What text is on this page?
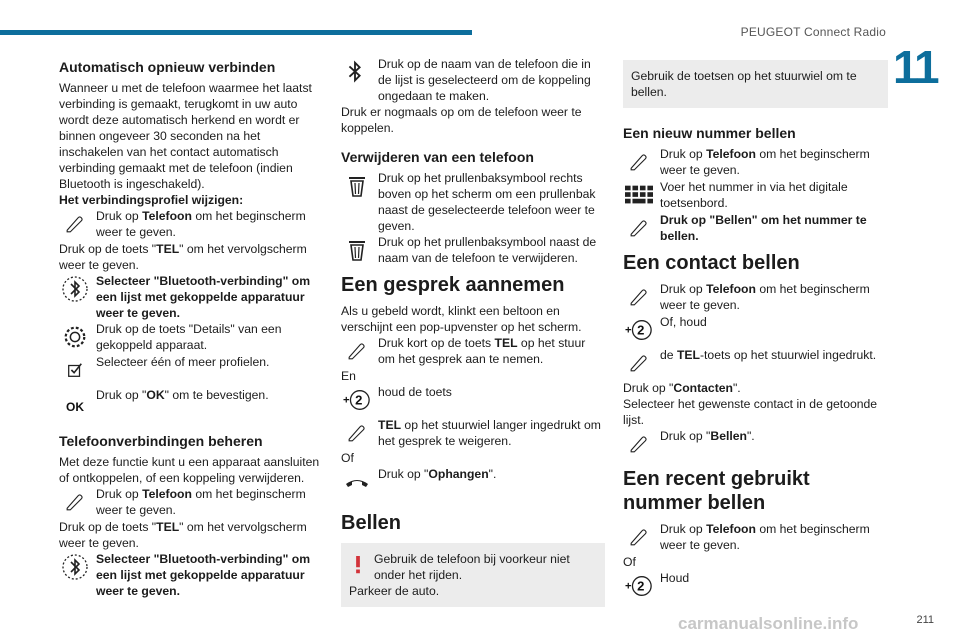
PEUGEOT Connect Radio
11
Automatisch opnieuw verbinden

Wanneer u met de telefoon waarmee het laatst verbinding is gemaakt, terugkomt in uw auto wordt deze automatisch herkend en wordt er binnen ongeveer 30 seconden na het inschakelen van het contact automatisch verbinding gemaakt met de telefoon (indien Bluetooth is ingeschakeld).

Het verbindingsprofiel wijzigen:

Druk op Telefoon om het beginscherm weer te geven.

Druk op de toets "TEL" om het vervolgscherm weer te geven.

Selecteer "Bluetooth-verbinding" om een lijst met gekoppelde apparatuur weer te geven.
Druk op de toets "Details" van een gekoppeld apparaat.
Selecteer één of meer profielen.
OK
Druk op "OK" om te bevestigen.
Telefoonverbindingen beheren

Met deze functie kunt u een apparaat aansluiten of ontkoppelen, of een koppeling verwijderen.

Druk op Telefoon om het beginscherm weer te geven.

Druk op de toets "TEL" om het vervolgscherm weer te geven.

Selecteer "Bluetooth-verbinding" om een lijst met gekoppelde apparatuur weer te geven.
Druk op de naam van de telefoon die in de lijst is geselecteerd om de koppeling ongedaan te maken.

Druk er nogmaals op om de telefoon weer te koppelen.

Verwijderen van een telefoon
Druk op het prullenbaksymbool rechts boven op het scherm om een prullenbak naast de geselecteerde telefoon weer te geven.
Druk op het prullenbaksymbool naast de naam van de telefoon te verwijderen.
Een gesprek aannemen

Als u gebeld wordt, klinkt een beltoon en verschijnt een pop-upvenster op het scherm.

Druk kort op de toets TEL op het stuur om het gesprek aan te nemen.

En

2
+
houd de toets
TEL op het stuurwiel langer ingedrukt om het gesprek te weigeren.

Of

Druk op "Ophangen".
Bellen
Gebruik de telefoon bij voorkeur niet onder het rijden.
Parkeer de auto.
Gebruik de toetsen op het stuurwiel om te bellen.
Een nieuw nummer bellen
Druk op Telefoon om het beginscherm weer te geven.
Voer het nummer in via het digitale toetsenbord.
Druk op "Bellen" om het nummer te bellen.
Een contact bellen
Druk op Telefoon om het beginscherm weer te geven.
2
+
Of, houd
de TEL-toets op het stuurwiel ingedrukt.

Druk op "Contacten".

Selecteer het gewenste contact in de getoonde lijst.

Druk op "Bellen".
Een recent gebruikt nummer bellen
Druk op Telefoon om het beginscherm weer te geven.

Of

2
+
Houd
carmanualsonline.info	211
